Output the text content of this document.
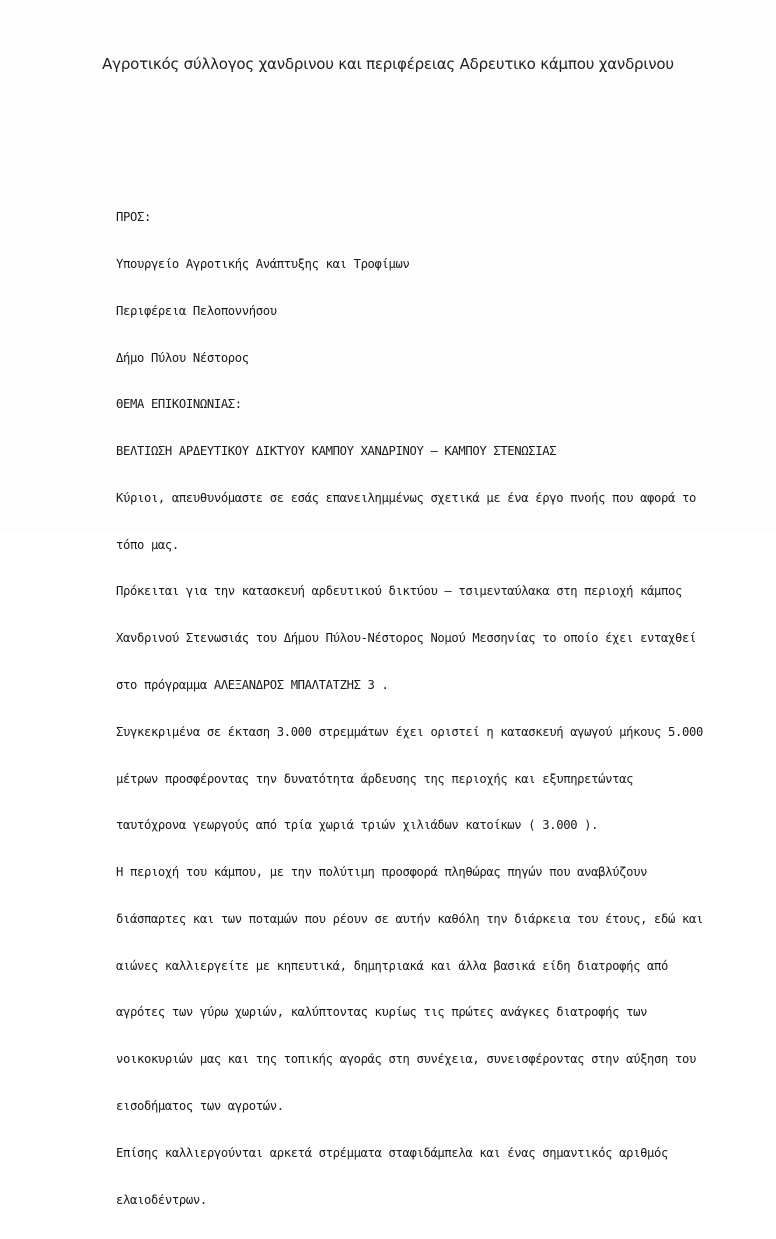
Αγροτικός σύλλογος χανδρινου και περιφέρειας Αδρευτικο κάμπου χανδρινου

ΠΡΟΣ:

Υπουργείο Αγροτικής Ανάπτυξης και Τροφίμων

Περιφέρεια Πελοποννήσου

Δήμο Πύλου Νέστορος

ΘΕΜΑ ΕΠΙΚΟΙΝΩΝΙΑΣ:

ΒΕΛΤΙΩΣΗ ΑΡΔΕΥΤΙΚΟΥ ΔΙΚΤΥΟΥ ΚΑΜΠΟΥ ΧΑΝΔΡΙΝΟΥ – ΚΑΜΠΟΥ ΣΤΕΝΩΣΙΑΣ

Κύριοι, απευθυνόμαστε σε εσάς επανειλημμένως σχετικά με ένα έργο πνοής που αφορά το

τόπο μας.

Πρόκειται για την κατασκευή αρδευτικού δικτύου – τσιμενταύλακα στη περιοχή κάμπος

Χανδρινού Στενωσιάς του Δήμου Πύλου-Νέστορος Νομού Μεσσηνίας το οποίο έχει ενταχθεί

στο πρόγραμμα ΑΛΕΞΑΝΔΡΟΣ ΜΠΑΛΤΑΤΖΗΣ 3 .

Συγκεκριμένα σε έκταση 3.000 στρεμμάτων έχει οριστεί η κατασκευή αγωγού μήκους 5.000

μέτρων προσφέροντας την δυνατότητα άρδευσης της περιοχής και εξυπηρετώντας

ταυτόχρονα γεωργούς από τρία χωριά τριών χιλιάδων κατοίκων ( 3.000 ).

Η περιοχή του κάμπου, με την πολύτιμη προσφορά πληθώρας πηγών που αναβλύζουν

διάσπαρτες και των ποταμών που ρέουν σε αυτήν καθόλη την διάρκεια του έτους, εδώ και

αιώνες καλλιεργείτε με κηπευτικά, δημητριακά και άλλα βασικά είδη διατροφής από

αγρότες των γύρω χωριών, καλύπτοντας κυρίως τις πρώτες ανάγκες διατροφής των

νοικοκυριών μας και της τοπικής αγοράς στη συνέχεια, συνεισφέροντας στην αύξηση του

εισοδήματος των αγροτών.

Επίσης καλλιεργούνται αρκετά στρέμματα σταφιδάμπελα και ένας σημαντικός αριθμός

ελαιοδέντρων.
